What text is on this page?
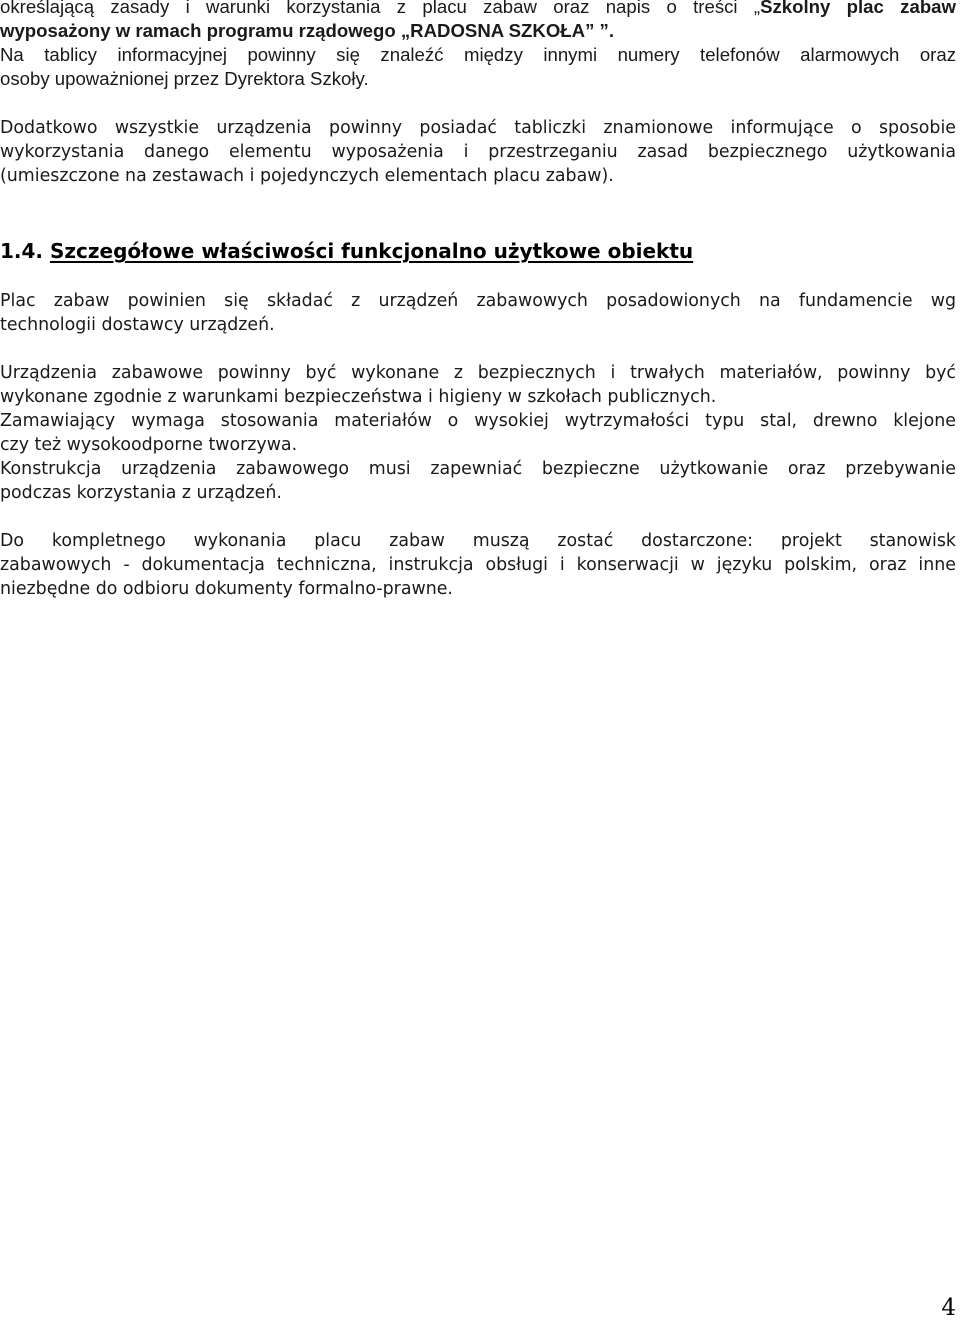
określającą zasady i warunki korzystania z placu zabaw oraz napis o treści „Szkolny plac zabaw
wyposażony w ramach programu rządowego „RADOSNA SZKOŁA” ”.
Na tablicy informacyjnej powinny się znaleźć między innymi numery telefonów alarmowych oraz
osoby upoważnionej przez Dyrektora Szkoły.
Dodatkowo wszystkie urządzenia powinny posiadać tabliczki znamionowe informujące o sposobie
wykorzystania danego elementu wyposażenia i przestrzeganiu zasad bezpiecznego użytkowania
(umieszczone na zestawach i pojedynczych elementach placu zabaw).
1.4. Szczegółowe właściwości funkcjonalno użytkowe obiektu
Plac zabaw powinien się składać z urządzeń zabawowych posadowionych na fundamencie wg
technologii dostawcy urządzeń.
Urządzenia zabawowe powinny być wykonane z bezpiecznych i trwałych materiałów, powinny być
wykonane zgodnie z warunkami bezpieczeństwa i higieny w szkołach publicznych.
Zamawiający wymaga stosowania materiałów o wysokiej wytrzymałości typu stal, drewno klejone
czy też wysokoodporne tworzywa.
Konstrukcja urządzenia zabawowego musi zapewniać bezpieczne użytkowanie oraz przebywanie
podczas korzystania z urządzeń.
Do kompletnego wykonania placu zabaw muszą zostać dostarczone: projekt stanowisk
zabawowych - dokumentacja techniczna, instrukcja obsługi i konserwacji w języku polskim, oraz inne
niezbędne do odbioru dokumenty formalno-prawne.
4
